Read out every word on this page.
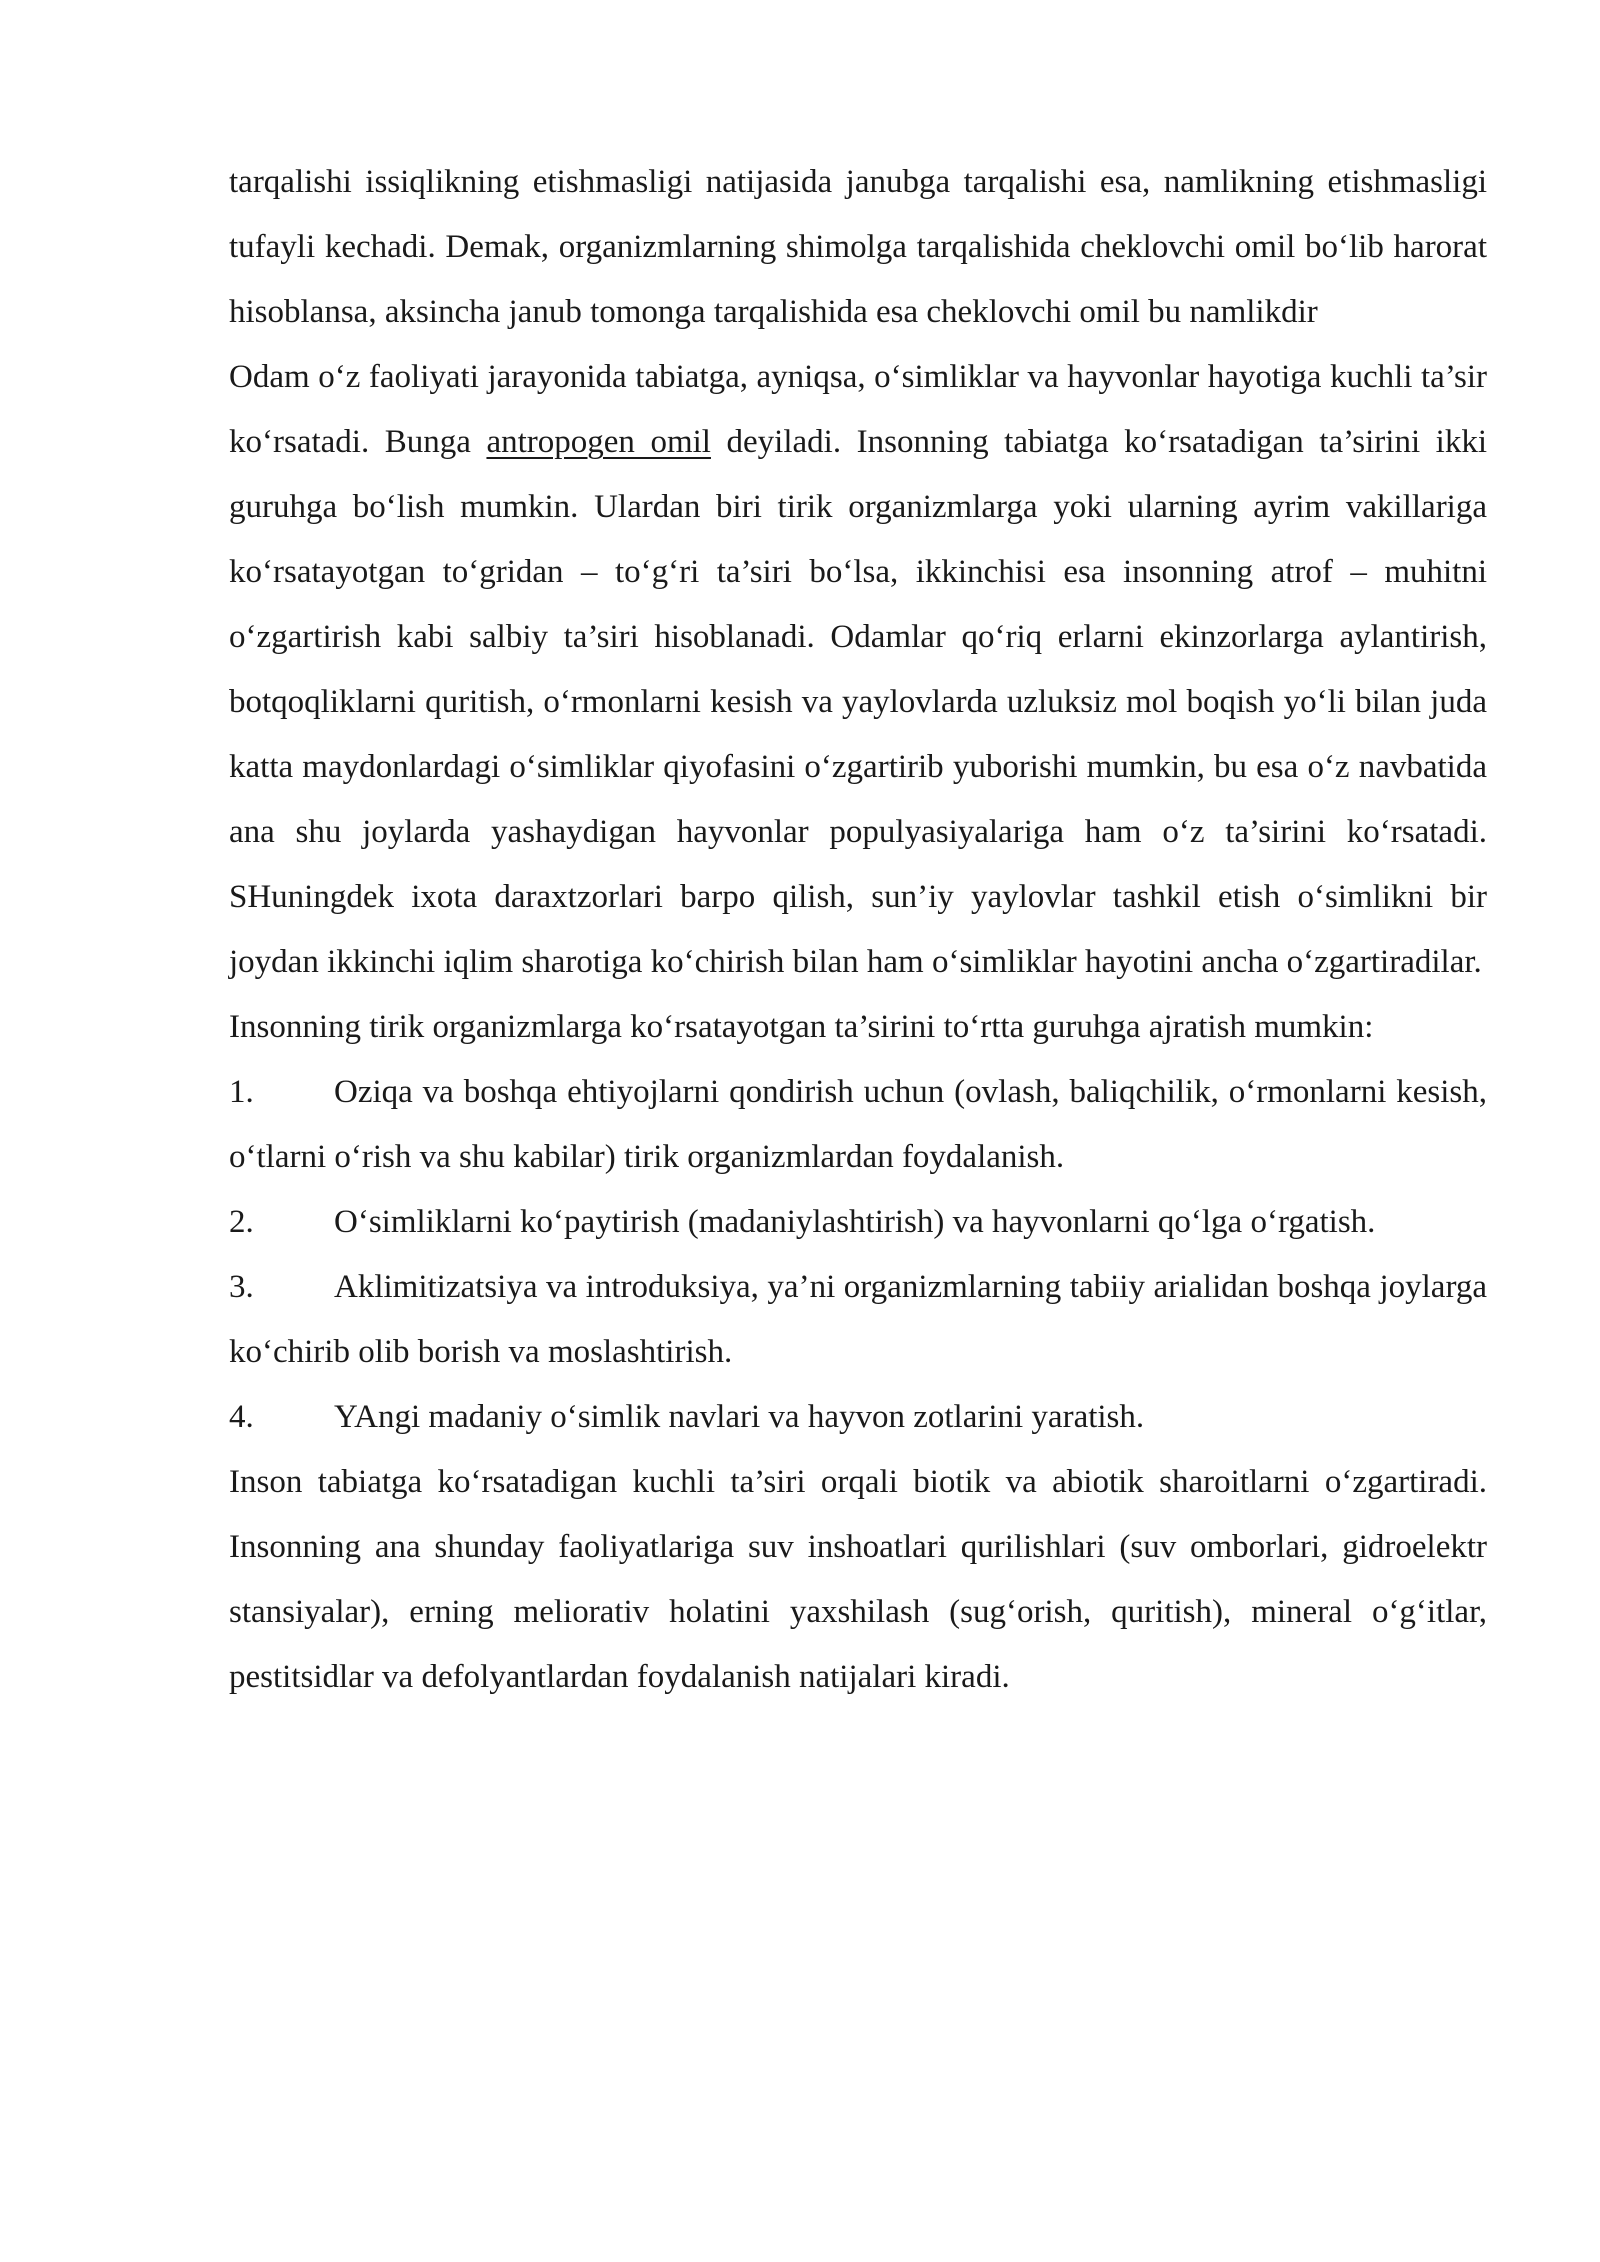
tarqalishi issiqlikning etishmasligi natijasida janubga tarqalishi esa, namlikning etishmasligi tufayli kechadi. Demak, organizmlarning shimolga tarqalishida cheklovchi omil bo‘lib harorat hisoblansa, aksincha janub tomonga tarqalishida esa cheklovchi omil bu namlikdir

Odam o‘z faoliyati jarayonida tabiatga, ayniqsa, o‘simliklar va hayvonlar hayotiga kuchli ta’sir ko‘rsatadi. Bunga antropogen omil deyiladi. Insonning tabiatga ko‘rsatadigan ta’sirini ikki guruhga bo‘lish mumkin. Ulardan biri tirik organizmlarga yoki ularning ayrim vakillariga ko‘rsatayotgan to‘gridan – to‘g‘ri ta’siri bo‘lsa, ikkinchisi esa insonning atrof – muhitni o‘zgartirish kabi salbiy ta’siri hisoblanadi. Odamlar qo‘riq erlarni ekinzorlarga aylantirish, botqoqliklarni quritish, o‘rmonlarni kesish va yaylovlarda uzluksiz mol boqish yo‘li bilan juda katta maydonlardagi o‘simliklar qiyofasini o‘zgartirib yuborishi mumkin, bu esa o‘z navbatida ana shu joylarda yashaydigan hayvonlar populyasiyalariga ham o‘z ta’sirini ko‘rsatadi. SHuningdek ixota daraxtzorlari barpo qilish, sun’iy yaylovlar tashkil etish o‘simlikni bir joydan ikkinchi iqlim sharotiga ko‘chirish bilan ham o‘simliklar hayotini ancha o‘zgartiradilar.

Insonning tirik organizmlarga ko‘rsatayotgan ta’sirini to‘rtta guruhga ajratish mumkin:

1. Oziqa va boshqa ehtiyojlarni qondirish uchun (ovlash, baliqchilik, o‘rmonlarni kesish, o‘tlarni o‘rish va shu kabilar) tirik organizmlardan foydalanish.

2. O‘simliklarni ko‘paytirish (madaniylashtirish) va hayvonlarni qo‘lga o‘rgatish.

3. Aklimitizatsiya va introduksiya, ya’ni organizmlarning tabiiy arialidan boshqa joylarga ko‘chirib olib borish va moslashtirish.

4. YAngi madaniy o‘simlik navlari va hayvon zotlarini yaratish.

Inson tabiatga ko‘rsatadigan kuchli ta’siri orqali biotik va abiotik sharoitlarni o‘zgartiradi. Insonning ana shunday faoliyatlariga suv inshoatlari qurilishlari (suv omborlari, gidroelektr stansiyalar), erning meliorativ holatini yaxshilash (sug‘orish, quritish), mineral o‘g‘itlar, pestitsidlar va defolyantlardan foydalanish natijalari kiradi.
